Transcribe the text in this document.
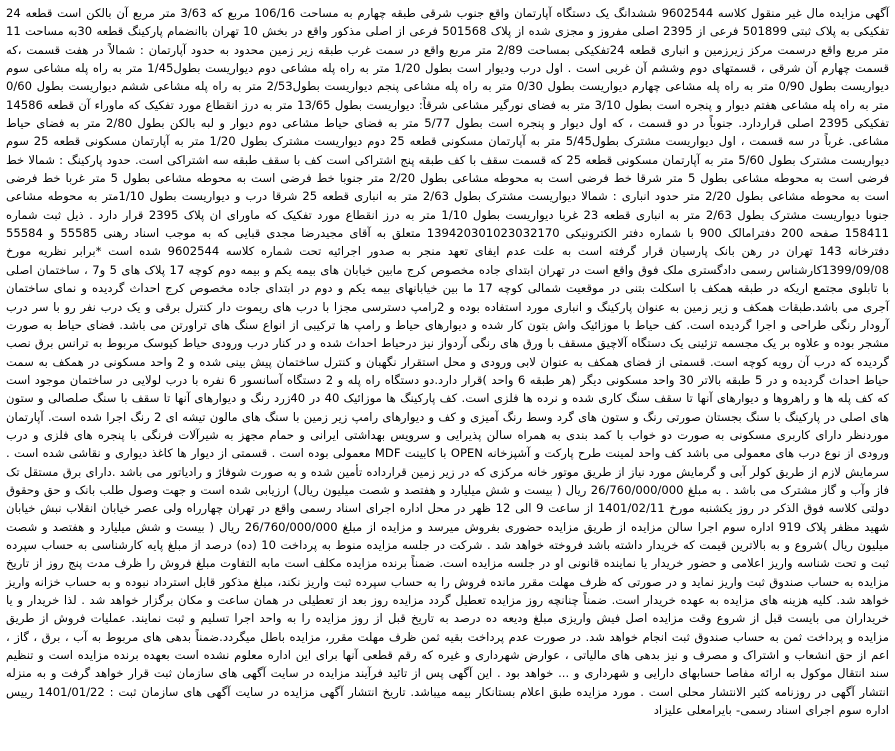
آگهی مزایده مال غیر منقول کلاسه 9602544 ششدانگ یک دستگاه آپارتمان واقع جنوب شرقی طبقه چهارم به مساحت 106/16 مربع که 3/63 متر مربع آن بالکن است قطعه 24 تفکیکی به پلاک ثبتی 501899 فرعی از 2395 اصلی مفروز و مجزی شده از پلاک 501568 فرعی از اصلی مذکور واقع در بخش 10 تهران باانضمام پارکینگ قطعه 30به مساحت 11 متر مربع واقع درسمت مرکز زیرزمین و انباری قطعه 24تفکیکی بمساحت 2/89 متر مربع واقع در سمت غرب طبقه زیر زمین محدود به حدود آپارتمان : شمالاً در هفت قسمت ،که قسمت چهارم آن شرقی ، قسمتهای دوم وششم آن غربی است . اول درب ودیوار است بطول 1/20 متر به راه پله مشاعی دوم دیواریست بطول1/45 متر به راه پله مشاعی سوم دیواریست بطول 0/90 متر به راه پله مشاعی چهارم دیواریست بطول 0/30 متر به راه پله مشاعی پنجم دیواریست بطول2/53 متر به راه پله مشاعی ششم دیواریست بطول 0/60 متر به راه پله مشاعی هفتم دیوار و پنجره است بطول 3/10 متر به فضای نورگیر مشاعی شرقاً: دیواریست بطول 13/65 متر به درز انقطاع مورد تفکیک که ماوراء آن قطعه 14586 تفکیکی 2395 اصلی قراردارد. جنوباً در دو قسمت ، که اول دیوار و پنجره است بطول 5/77 متر به فضای حیاط مشاعی دوم دیوار و لبه بالکن بطول 2/80 متر به فضای حیاط مشاعی. غرباً در سه قسمت ، اول دیواریست مشترک بطول5/45 متر به آپارتمان مسکونی قطعه 25 دوم دیواریست مشترک بطول 1/20 متر به آپارتمان مسکونی قطعه 25 سوم دیواریست مشترک بطول 5/60 متر به آپارتمان مسکونی قطعه 25 که قسمت سقف با کف طبقه پنج اشتراکی است کف با سقف طبقه سه اشتراکی است. حدود پارکینگ : شمالا خط فرضی است به محوطه مشاعی بطول 5 متر شرقا خط فرضی است به محوطه مشاعی بطول 2/20 متر جنوبا خط فرضی است به محوطه مشاعی بطول 5 متر غربا خط فرضی است به محوطه مشاعی بطول 2/20 متر حدود انباری : شمالا دیواریست مشترک بطول 2/63 متر به انباری قطعه 25 شرقا درب و دیواریست بطول 1/10متر به محوطه مشاعی جنوبا دیواریست مشترک بطول 2/63 متر به انباری قطعه 23 غربا دیواریست بطول 1/10 متر به درز انقطاع مورد تفکیک که ماورای ان پلاک 2395 قرار دارد . ذیل ثبت شماره 158411 صفحه 200 دفترامالک 900 با شماره دفتر الکترونیکی 139420301023032170 متعلق به آقای مجیدرضا مجدی قبایی که به موجب اسناد رهنی 55585 و 55584 دفترخانه 143 تهران در رهن بانک پارسیان قرار گرفته است به علت عدم ایفای تعهد منجر به صدور اجرائیه تحت شماره کلاسه 9602544 شده است *برابر نظریه مورخ 1399/09/08کارشناس رسمی دادگستری ملک فوق واقع است در تهران ابتدای جاده مخصوص کرج مابین خیابان های بیمه یکم و بیمه دوم کوچه 17 پلاک های 5 و7 ، ساختمان اصلی با تابلوی مجتمع اریکه در طبقه همکف با اسکلت بتنی در موقعیت شمالی کوچه 17 ما بین خیابانهای بیمه یکم و دوم در ابتدای جاده مخصوص کرج احداث گردیده و نمای ساختمان آجری می باشد.طبقات همکف و زیر زمین به عنوان پارکینگ و انباری مورد استفاده بوده و 2رامپ دسترسی مجزا با درب های ریموت دار کنترل برقی و یک درب نفر رو با سر درب آرودار رنگی طراحی و اجرا گردیده است. کف حیاط با موزائیک واش بتون کار شده و دیوارهای حیاط و رامپ ها ترکیبی از انواع سنگ های تراورتن می باشد. فضای حیاط به صورت مشجر بوده و علاوه بر یک مجسمه تزئینی یک دستگاه آلاچیق مسقف با ورق های رنگی آردواز نیز درحیاط احداث شده و در کنار درب ورودی حیاط کیوسک مربوط به ترانس برق نصب گردیده که درب آن رویه کوچه است. قسمتی از فضای همکف به عنوان لابی ورودی و محل استقرار نگهبان و کنترل ساختمان پیش بینی شده و 2 واحد مسکونی در همکف به سمت حیاط احداث گردیده و در 5 طبقه بالاتر 30 واحد مسکونی دیگر (هر طبقه 6 واحد )قرار دارد.دو دستگاه راه پله و 2 دستگاه آسانسور 6 نفره با درب لولایی در ساختمان موجود است که کف پله ها و راهروها و دیوارهای آنها تا سقف سنگ کاری شده و نرده ها فلزی است. کف پارکینگ ها موزائیک 40 در 40زرد رنگ و دیوارهای آنها تا سقف با سنگ صلصالی و ستون های اصلی در پارکینگ با سنگ بجستان صورتی رنگ و ستون های گرد وسط رنگ آمیزی و کف و دیوارهای رامپ زیر زمین با سنگ های مالون تیشه ای 2 رنگ اجرا شده است. آپارتمان موردنظر دارای کاربری مسکونی به صورت دو خواب با کمد بندی به همراه سالن پذیرایی و سرویس بهداشتی ایرانی و حمام مجهز به شیرآلات فرنگی با پنجره های فلزی و درب ورودی از نوع درب های معمولی می باشد کف واحد لمینت طرح پارکت و آشپزخانه OPEN با کابینت MDF معمولی بوده است . قسمتی از دیوار ها کاغذ دیواری و نقاشی شده است . سرمایش لازم از طریق کولر آبی و گرمایش مورد نیاز از طریق موتور خانه مرکزی که در زیر زمین قرارداده تأمین شده و به صورت شوفاژ و رادیاتور می باشد .دارای برق مستقل تک فاز وآب و گاز مشترک می باشد . به مبلغ 26/760/000/000 ریال ( بیست و شش میلیارد و هفتصد و شصت میلیون ریال) ارزیابی شده است و جهت وصول طلب بانک و حق وحقوق دولتی کلاسه فوق الذکر در روز یکشنبه مورخ 1401/02/11 از ساعت 9 الی 12 ظهر در محل اداره اجرای اسناد رسمی واقع در تهران چهارراه ولی عصر خیابان انقلاب نبش خیابان شهید مظفر پلاک 919 اداره سوم اجرا سالن مزایده از طریق مزایده حضوری بفروش میرسد و مزایده از مبلغ 26/760/000/000 ریال ( بیست و شش میلیارد و هفتصد و شصت میلیون ریال )شروع و به بالاترین قیمت که خریدار داشته باشد فروخته خواهد شد . شرکت در جلسه مزایده منوط به پرداخت 10 (ده) درصد از مبلغ پایه کارشناسی به حساب سپرده ثبت و تحت شناسه واریز اعلامی و حضور خریدار یا نماینده قانونی او در جلسه مزایده است. ضمناً برنده مزایده مکلف است مابه التفاوت مبلغ فروش را ظرف مدت پنج روز از تاریخ مزایده به حساب صندوق ثبت واریز نماید و در صورتی که ظرف مهلت مقرر مانده فروش را به حساب سپرده ثبت واریز نکند، مبلغ مذکور قابل استرداد نبوده و به حساب خزانه واریز خواهد شد. کلیه هزینه های مزایده به عهده خریدار است. ضمناً چنانچه روز مزایده تعطیل گردد مزایده روز بعد از تعطیلی در همان ساعت و مکان برگزار خواهد شد . لذا خریدار و یا خریداران می بایست قبل از شروع وقت مزایده اصل فیش واریزی مبلغ ودیعه ده درصد به تاریخ قبل از روز مزایده را به واحد اجرا تسلیم و ثبت نمایند. عملیات فروش از طریق مزایده و پرداخت ثمن به حساب صندوق ثبت انجام خواهد شد. در صورت عدم پرداخت بقیه ثمن ظرف مهلت مقرر، مزایده باطل میگردد.ضمناً بدهی های مربوط به آب ، برق ، گاز ، اعم از حق انشعاب و اشتراک و مصرف و نیز بدهی های مالیاتی ، عوارض شهرداری و غیره که رقم قطعی آنها برای این اداره معلوم نشده است بعهده برنده مزایده است و تنظیم سند انتقال موکول به ارائه مفاصا حسابهای دارایی و شهرداری و ... خواهد بود . این آگهی پس از تائید فرآیند مزایده در سایت آگهی های سازمان ثبت قرار خواهد گرفت و به منزله انتشار آگهی در روزنامه کثیر الانتشار محلی است . مورد مزایده طبق اعلام بستانکار بیمه میباشد. تاریخ انتشار آگهی مزایده در سایت آگهی های سازمان ثبت : 1401/01/22 رییس اداره سوم اجرای اسناد رسمی- بایرامعلی علیزاد
